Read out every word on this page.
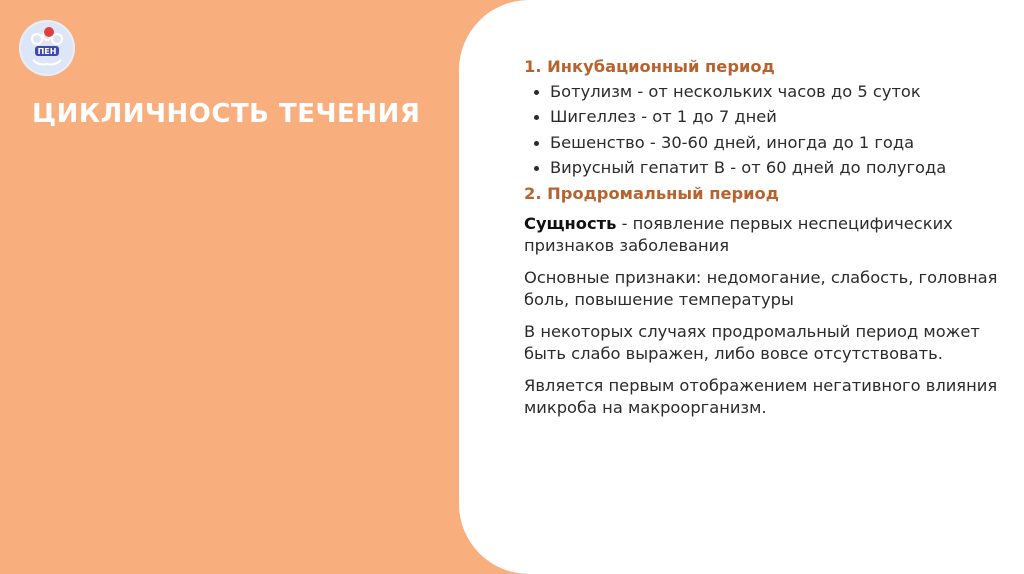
ПЕН
ЦИКЛИЧНОСТЬ ТЕЧЕНИЯ
1. Инкубационный период
Ботулизм - от нескольких часов до 5 суток
Шигеллез - от 1 до 7 дней
Бешенство - 30-60 дней, иногда до 1 года
Вирусный гепатит В - от 60 дней до полугода
2. Продромальный период

Сущность - появление первых неспецифических признаков заболевания

Основные признаки: недомогание, слабость, головная боль, повышение температуры

В некоторых случаях продромальный период может быть слабо выражен, либо вовсе отсутствовать.

Является первым отображением негативного влияния микроба на макроорганизм.
